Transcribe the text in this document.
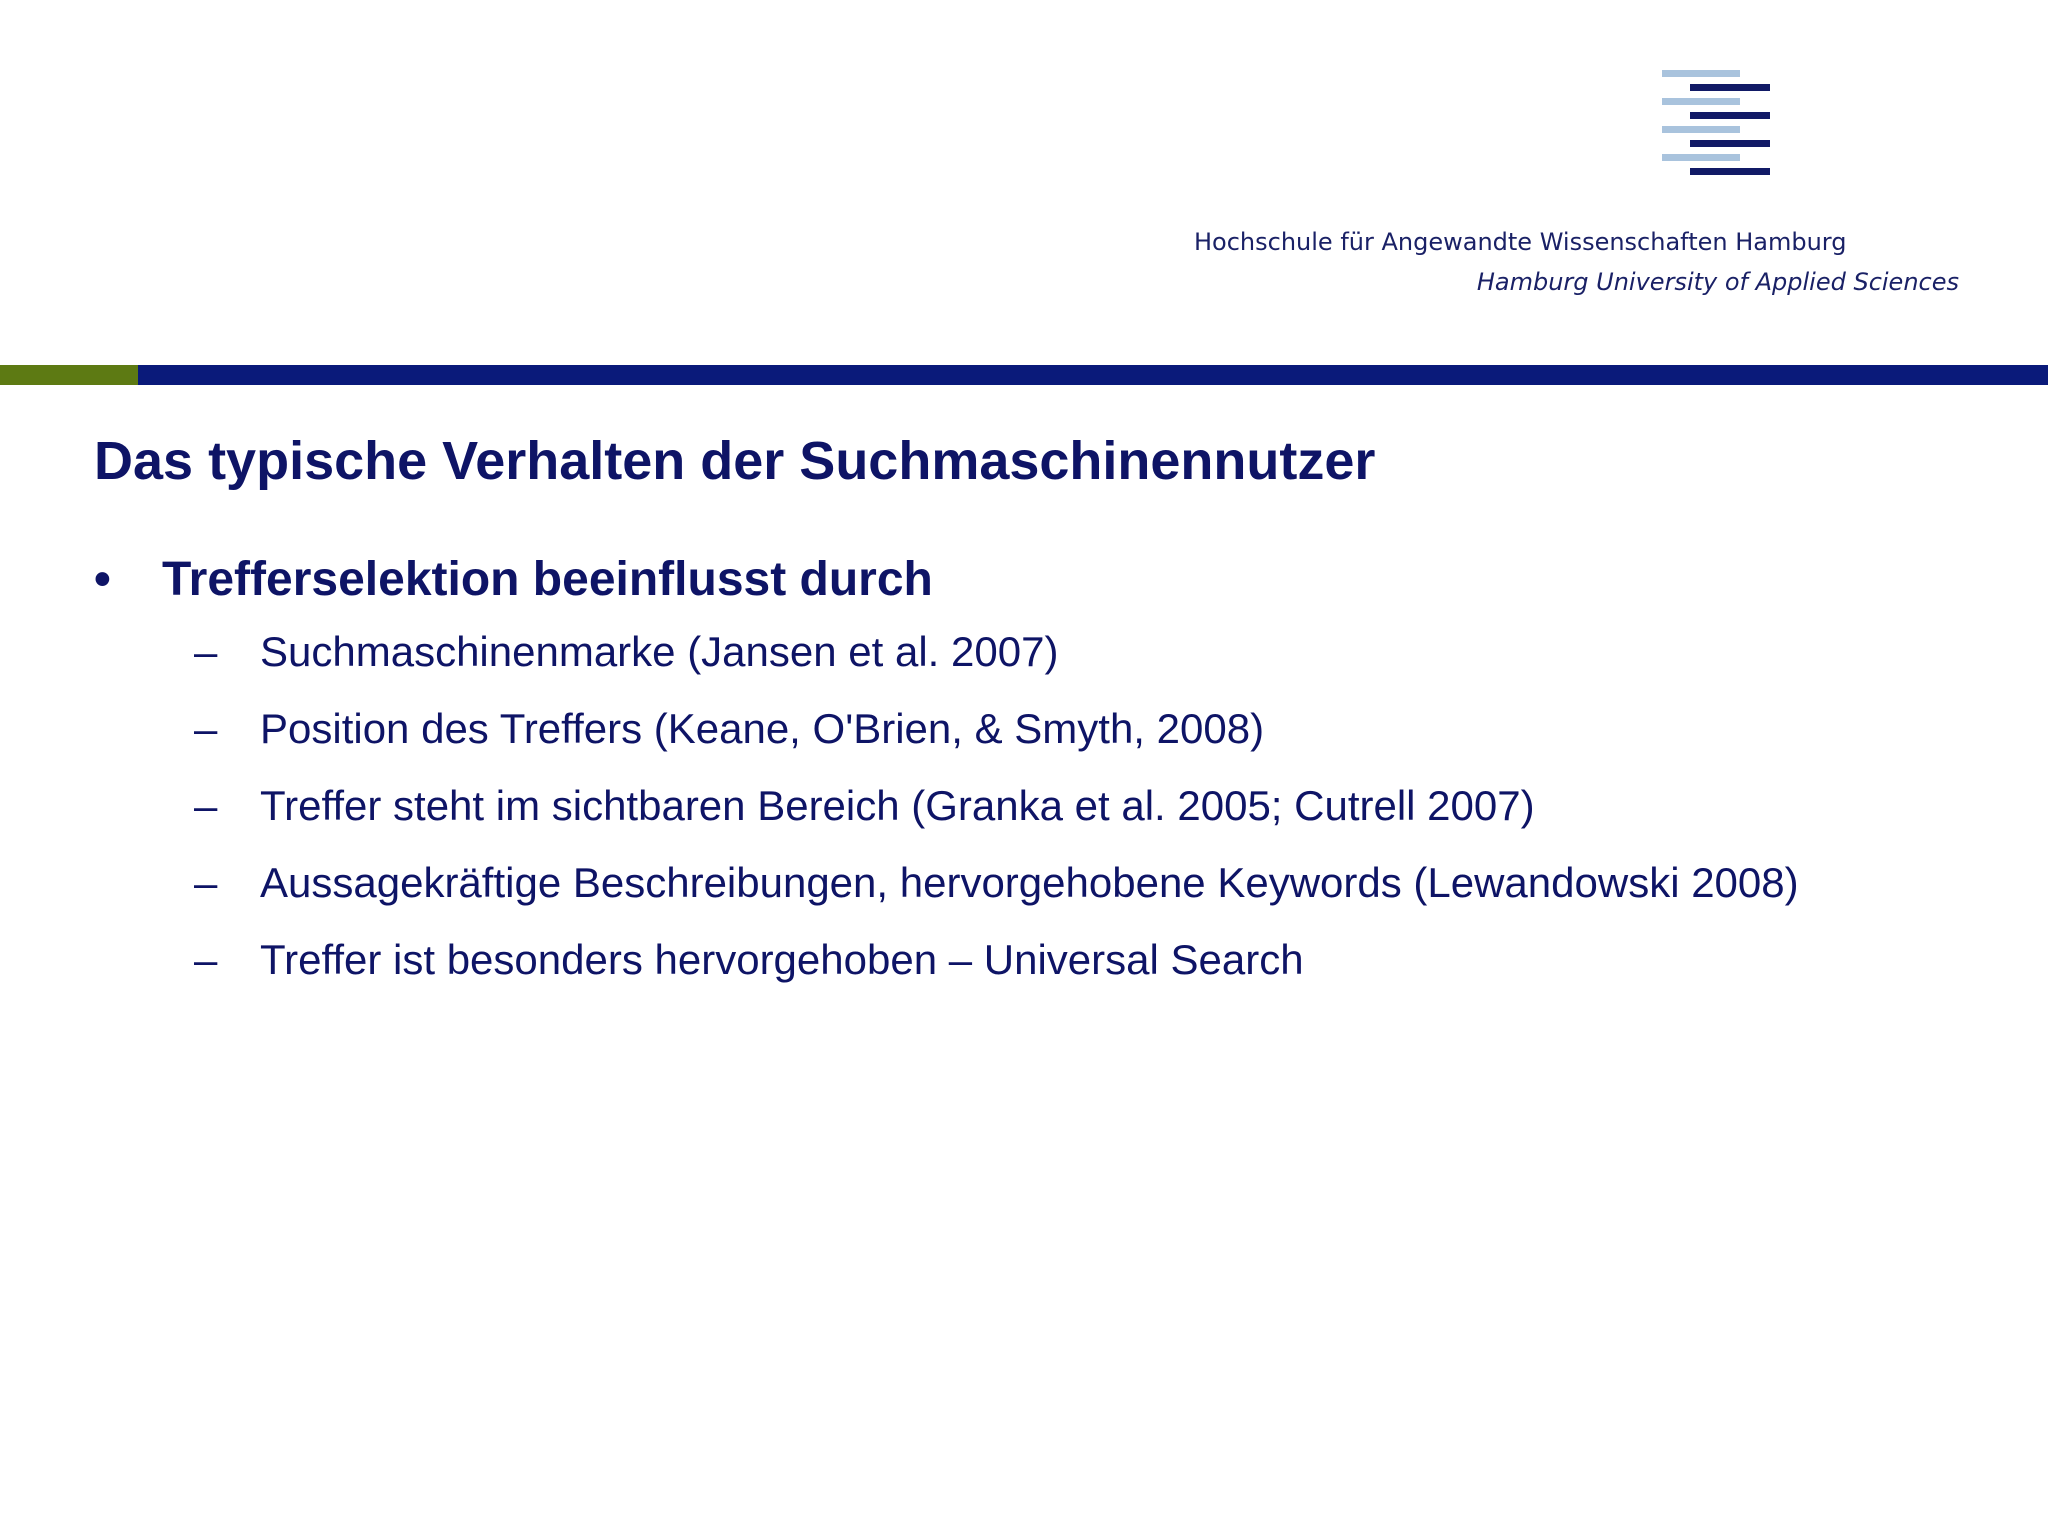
Hochschule für Angewandte Wissenschaften Hamburg
Hamburg University of Applied Sciences
Das typische Verhalten der Suchmaschinennutzer
•	Trefferselektion beeinflusst durch
–	Suchmaschinenmarke (Jansen et al. 2007)
–	Position des Treffers (Keane, O'Brien, & Smyth, 2008)
–	Treffer steht im sichtbaren Bereich (Granka et al. 2005; Cutrell 2007)
–	Aussagekräftige Beschreibungen, hervorgehobene Keywords (Lewandowski 2008)
–	Treffer ist besonders hervorgehoben – Universal Search
